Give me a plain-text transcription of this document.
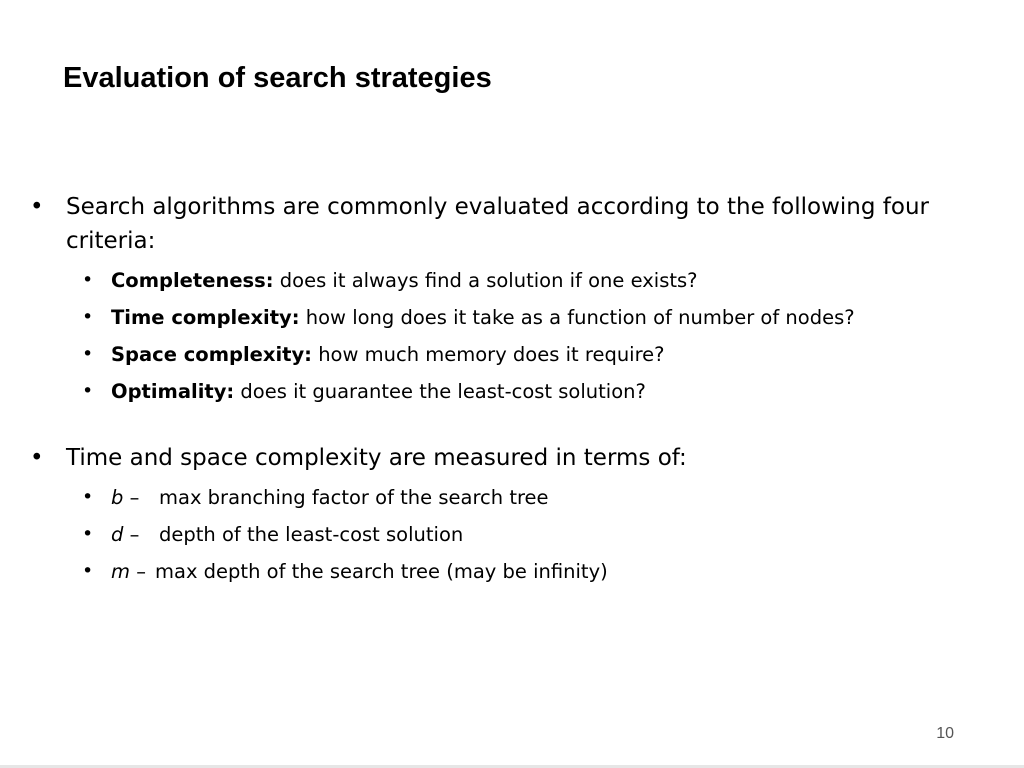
Evaluation of search strategies
• Search algorithms are commonly evaluated according to the following four criteria:
• Completeness: does it always find a solution if one exists?
• Time complexity: how long does it take as a function of number of nodes?
• Space complexity: how much memory does it require?
• Optimality: does it guarantee the least-cost solution?
• Time and space complexity are measured in terms of:
• b – max branching factor of the search tree
• d – depth of the least-cost solution
• m – max depth of the search tree (may be infinity)
10
